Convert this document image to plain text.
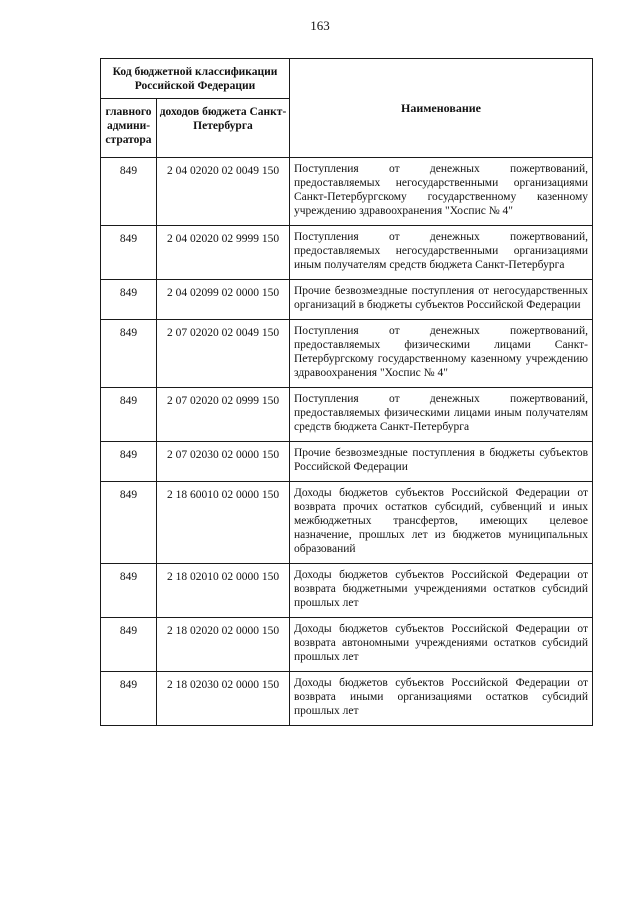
163
Код бюджетной классификации Российской Федерации		Наименование
главного админи-стратора	доходов бюджета Санкт-Петербурга	
849	2 04 02020 02 0049 150	Поступления от денежных пожертвований, предоставляемых негосударственными организациями Санкт-Петербургскому государственному казенному учреждению здравоохранения "Хоспис № 4"
849	2 04 02020 02 9999 150	Поступления от денежных пожертвований, предоставляемых негосударственными организациями иным получателям средств бюджета Санкт-Петербурга
849	2 04 02099 02 0000 150	Прочие безвозмездные поступления от негосударственных организаций в бюджеты субъектов Российской Федерации
849	2 07 02020 02 0049 150	Поступления от денежных пожертвований, предоставляемых физическими лицами Санкт-Петербургскому государственному казенному учреждению здравоохранения "Хоспис № 4"
849	2 07 02020 02 0999 150	Поступления от денежных пожертвований, предоставляемых физическими лицами иным получателям средств бюджета Санкт-Петербурга
849	2 07 02030 02 0000 150	Прочие безвозмездные поступления в бюджеты субъектов Российской Федерации
849	2 18 60010 02 0000 150	Доходы бюджетов субъектов Российской Федерации от возврата прочих остатков субсидий, субвенций и иных межбюджетных трансфертов, имеющих целевое назначение, прошлых лет из бюджетов муниципальных образований
849	2 18 02010 02 0000 150	Доходы бюджетов субъектов Российской Федерации от возврата бюджетными учреждениями остатков субсидий прошлых лет
849	2 18 02020 02 0000 150	Доходы бюджетов субъектов Российской Федерации от возврата автономными учреждениями остатков субсидий прошлых лет
849	2 18 02030 02 0000 150	Доходы бюджетов субъектов Российской Федерации от возврата иными организациями остатков субсидий прошлых лет
